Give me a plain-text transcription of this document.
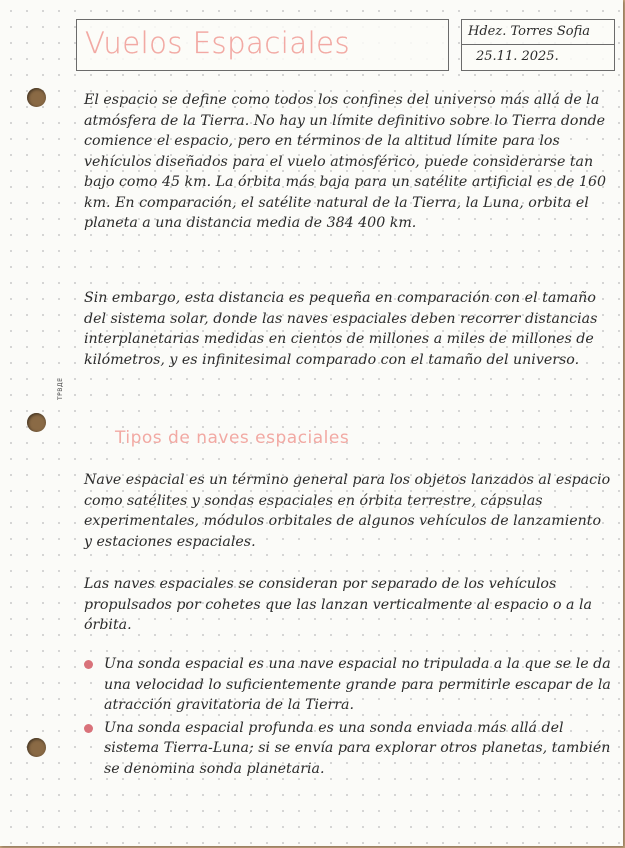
ТРВДЕ
Vuelos Espaciales	Hdez. Torres Sofia
25.11. 2025.
El espacio se define como todos los confines del universo más allá de la atmósfera de la Tierra. No hay un límite definitivo sobre lo Tierra donde comience el espacio, pero en términos de la altitud límite para los vehículos diseñados para el vuelo atmosférico, puede considerarse tan bajo como 45 km. La órbita más baja para un satélite artificial es de 160 km. En comparación, el satélite natural de la Tierra, la Luna, orbita el planeta a una distancia media de 384 400 km.
Sin embargo, esta distancia es pequeña en comparación con el tamaño del sistema solar, donde las naves espaciales deben recorrer distancias interplanetarias medidas en cientos de millones a miles de millones de kilómetros, y es infinitesimal comparado con el tamaño del universo.
Tipos de naves espaciales
Nave espacial es un término general para los objetos lanzados al espacio como satélites y sondas espaciales en órbita terrestre, cápsulas experimentales, módulos orbitales de algunos vehículos de lanzamiento y estaciones espaciales.
Las naves espaciales se consideran por separado de los vehículos propulsados por cohetes que las lanzan verticalmente al espacio o a la órbita.
Una sonda espacial es una nave espacial no tripulada a la que se le da una velocidad lo suficientemente grande para permitirle escapar de la atracción gravitatoria de la Tierra.
Una sonda espacial profunda es una sonda enviada más allá del sistema Tierra-Luna; si se envía para explorar otros planetas, también se denomina sonda planetaria.
